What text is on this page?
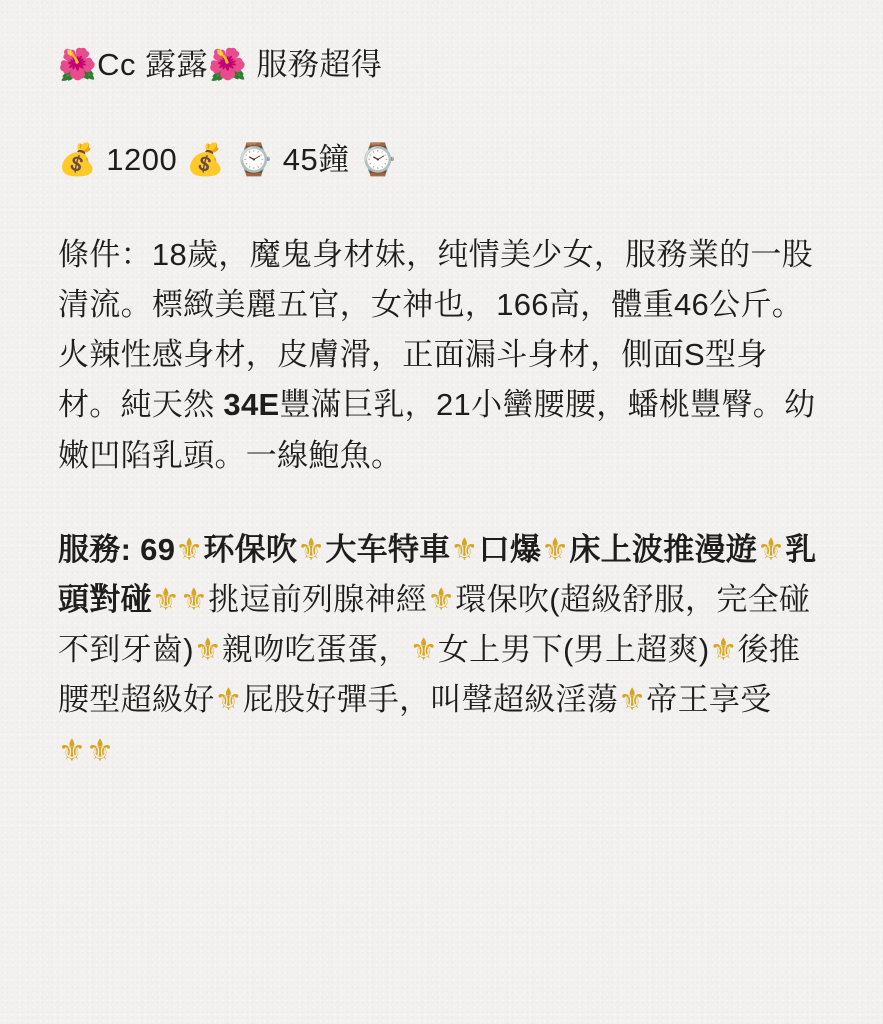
🌺Cc 露露🌺 服務超得
💰 1200 💰 ⌚ 45鐘 ⌚
條件：18歲，魔鬼身材妹，纯情美少女，服務業的一股清流。標緻美麗五官，女神也，166高，體重46公斤。火辣性感身材，皮膚滑，正面漏斗身材，側面S型身材。純天然 34E豐滿巨乳，21小蠻腰腰，蟠桃豐臀。幼嫩凹陷乳頭。一線鮑魚。
服務: 69⚜环保吹⚜大车特車⚜口爆⚜床上波推漫遊⚜乳頭對碰⚜⚜挑逗前列腺神經⚜環保吹(超級舒服，完全碰不到牙齒)⚜親吻吃蛋蛋，⚜女上男下(男上超爽)⚜後推腰型超級好⚜屁股好彈手，叫聲超級淫蕩⚜帝王享受⚜⚜
